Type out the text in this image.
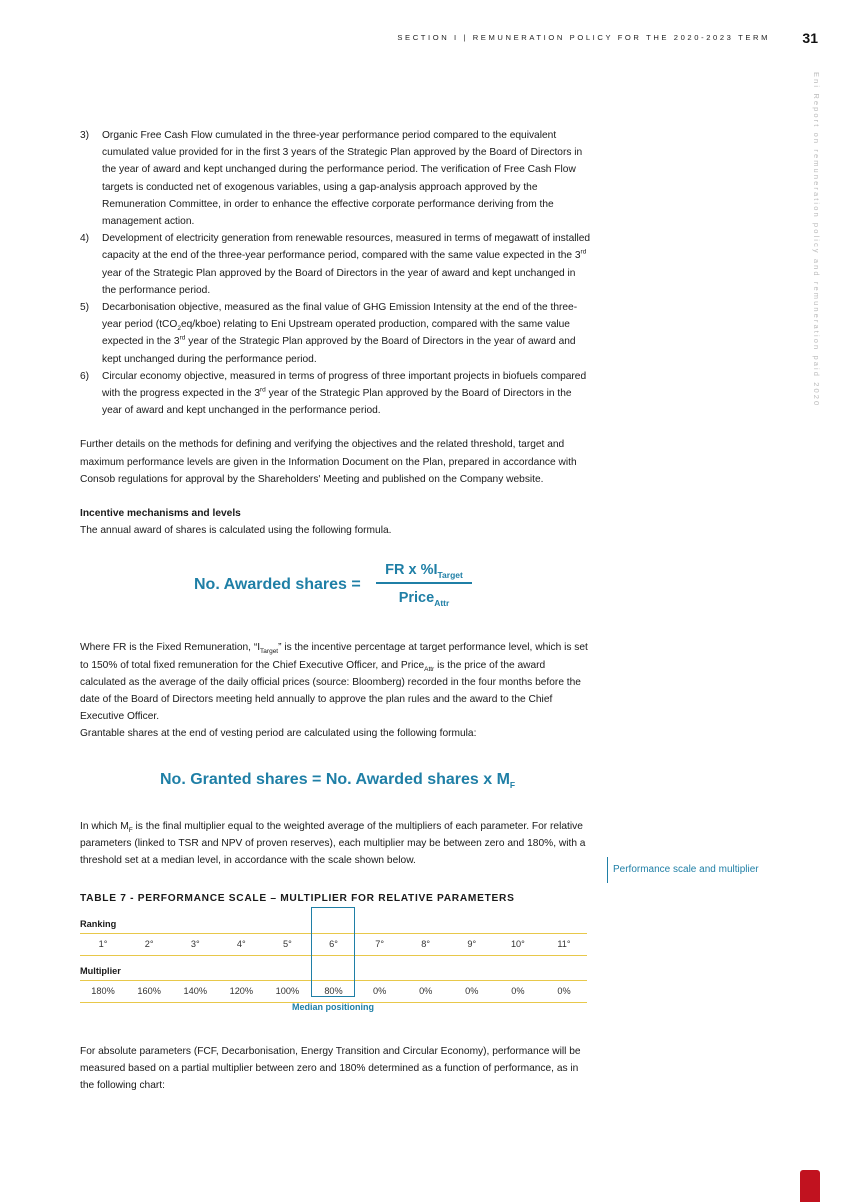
SECTION I | REMUNERATION POLICY FOR THE 2020-2023 TERM 31
Eni Report on remuneration policy and remuneration paid 2020
3) Organic Free Cash Flow cumulated in the three-year performance period compared to the equivalent cumulated value provided for in the first 3 years of the Strategic Plan approved by the Board of Directors in the year of award and kept unchanged during the performance period. The verification of Free Cash Flow targets is conducted net of exogenous variables, using a gap-analysis approach approved by the Remuneration Committee, in order to enhance the effective corporate performance deriving from the management action.
4) Development of electricity generation from renewable resources, measured in terms of megawatt of installed capacity at the end of the three-year performance period, compared with the same value expected in the 3rd year of the Strategic Plan approved by the Board of Directors in the year of award and kept unchanged in the performance period.
5) Decarbonisation objective, measured as the final value of GHG Emission Intensity at the end of the three-year period (tCO$_2$eq/kboe) relating to Eni Upstream operated production, compared with the same value expected in the 3rd year of the Strategic Plan approved by the Board of Directors in the year of award and kept unchanged during the performance period.
6) Circular economy objective, measured in terms of progress of three important projects in biofuels compared with the progress expected in the 3rd year of the Strategic Plan approved by the Board of Directors in the year of award and kept unchanged in the performance period.

Further details on the methods for defining and verifying the objectives and the related threshold, target and maximum performance levels are given in the Information Document on the Plan, prepared in accordance with Consob regulations for approval by the Shareholders' Meeting and published on the Company website.

Incentive mechanisms and levels

The annual award of shares is calculated using the following formula.

No. Awarded shares =
FR x $\%I_{Target}$
Price$_{Attr}$

Where FR is the Fixed Remuneration, “$I_{Target}$” is the incentive percentage at target performance level, which is set to 150% of total fixed remuneration for the Chief Executive Officer, and Price$_{Attr}$ is the price of the award calculated as the average of the daily official prices (source: Bloomberg) recorded in the four months before the date of the Board of Directors meeting held annually to approve the plan rules and the award to the Chief Executive Officer.

Grantable shares at the end of vesting period are calculated using the following formula:

No. Granted shares = No. Awarded shares x $M_F$

In which $M_F$ is the final multiplier equal to the weighted average of the multipliers of each parameter. For relative parameters (linked to TSR and NPV of proven reserves), each multiplier may be between zero and 180%, with a threshold set at a median level, in accordance with the scale shown below.

TABLE 7 - PERFORMANCE SCALE – MULTIPLIER FOR RELATIVE PARAMETERS
Ranking
1°	2°	3°	4°	5°	6°	7°	8°	9°	10°	11°
Multiplier
180%	160%	140%	120%	100%	80%	0%	0%	0%	0%	0%
Median positioning

For absolute parameters (FCF, Decarbonisation, Energy Transition and Circular Economy), performance will be measured based on a partial multiplier between zero and 180% determined as a function of performance, as in the following chart:

Performance scale and multiplier
